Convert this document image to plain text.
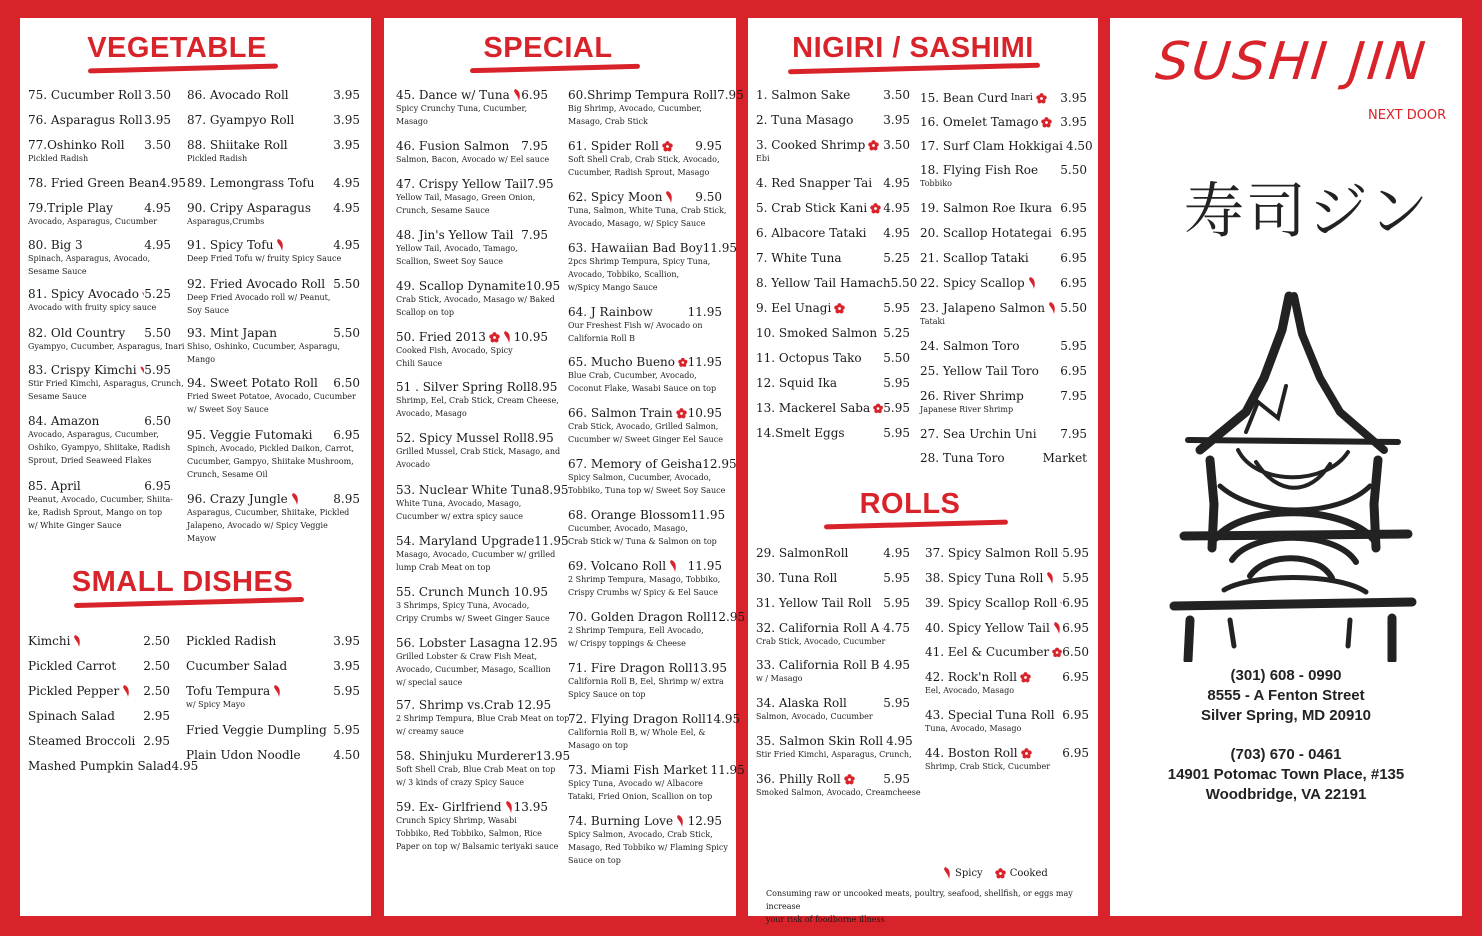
VEGETABLE
75. Cucumber Roll 3.50
76. Asparagus Roll 3.95
77.Oshinko Roll 3.50
Pickled Radish
78. Fried Green Bean 4.95
79.Triple Play	4.95
Avocado, Asparagus, Cucumber
80. Big 3	4.95
Spinach, Asparagus, Avocado,
Sesame Sauce
81. Spicy Avocado 5.25
Avocado with fruity spicy sauce
82. Old Country 5.50
Gyampyo, Cucumber, Asparagus, Inari
83. Crispy Kimchi 5.95
Stir Fried Kimchi, Asparagus, Crunch,
Sesame Sauce
84. Amazon	6.50
Avocado, Asparagus, Cucumber,
Oshiko, Gyampyo, Shiitake, Radish
Sprout, Dried Seaweed Flakes
85. April	6.95
Peanut, Avocado, Cucumber, Shiita-
ke, Radish Sprout, Mango on top
w/ White Ginger Sauce
86. Avocado Roll	3.95
87. Gyampyo Roll	3.95
88. Shiitake Roll	3.95
Pickled Radish
89. Lemongrass Tofu 4.95
90. Cripy Asparagus 4.95
Asparagus,Crumbs
91. Spicy Tofu	4.95
Deep Fried Tofu w/ fruity Spicy Sauce
92. Fried Avocado Roll 5.50
Deep Fried Avocado roll w/ Peanut,
Soy Sauce
93. Mint Japan	5.50
Shiso, Oshinko, Cucumber, Asparagu,
Mango
94. Sweet Potato Roll 6.50
Fried Sweet Potatoe, Avocado, Cucumber
w/ Sweet Soy Sauce
95. Veggie Futomaki 6.95
Spinch, Avocado, Pickled Daikon, Carrot,
Cucumber, Gampyo, Shiitake Mushroom,
Crunch, Sesame Oil
96. Crazy Jungle	8.95
Asparagus, Cucumber, Shiitake, Pickled
Jalapeno, Avocado w/ Spicy Veggie
Mayow
SMALL DISHES
Kimchi	2.50
Pickled Carrot 2.50
Pickled Pepper 2.50
Spinach Salad 2.95
Steamed Broccoli 2.95
Mashed Pumpkin Salad 4.95
Pickled Radish	3.95
Cucumber Salad	3.95
Tofu Tempura	5.95
w/ Spicy Mayo
Fried Veggie Dumpling 5.95
Plain Udon Noodle	4.50
SPECIAL
45. Dance w/ Tuna 6.95
Spicy Crunchy Tuna, Cucumber,
Masago
46. Fusion Salmon 7.95
Salmon, Bacon, Avocado w/ Eel sauce
47. Crispy Yellow Tail 7.95
Yellow Tail, Masago, Green Onion,
Crunch, Sesame Sauce
48. Jin's Yellow Tail 7.95
Yellow Tail, Avocado, Tamago,
Scallion, Sweet Soy Sauce
49. Scallop Dynamite 10.95
Crab Stick, Avocado, Masago w/ Baked
Scallop on top
50. Fried 2013 10.95
Cooked Fish, Avocado, Spicy
Chili Sauce
51 . Silver Spring Roll 8.95
Shrimp, Eel, Crab Stick, Cream Cheese,
Avocado, Masago
52. Spicy Mussel Roll 8.95
Grilled Mussel, Crab Stick, Masago, and
Avocado
53. Nuclear White Tuna 8.95
White Tuna, Avocado, Masago,
Cucumber w/ extra spicy sauce
54. Maryland Upgrade 11.95
Masago, Avocado, Cucumber w/ grilled
lump Crab Meat on top
55. Crunch Munch 10.95
3 Shrimps, Spicy Tuna, Avocado,
Cripy Crumbs w/ Sweet Ginger Sauce
56. Lobster Lasagna 12.95
Grilled Lobster & Craw Fish Meat,
Avocado, Cucumber, Masago, Scallion
w/ special sauce
57. Shrimp vs.Crab 12.95
2 Shrimp Tempura, Blue Crab Meat on top
w/ creamy sauce
58. Shinjuku Murderer 13.95
Soft Shell Crab, Blue Crab Meat on top
w/ 3 kinds of crazy Spicy Sauce
59. Ex- Girlfriend 13.95
Crunch Spicy Shrimp, Wasabi
Tobbiko, Red Tobbiko, Salmon, Rice
Paper on top w/ Balsamic teriyaki sauce
60.Shrimp Tempura Roll 7.95
Big Shrimp, Avocado, Cucumber,
Masago, Crab Stick
61. Spider Roll	9.95
Soft Shell Crab, Crab Stick, Avocado,
Cucumber, Radish Sprout, Masago
62. Spicy Moon	9.50
Tuna, Salmon, White Tuna, Crab Stick,
Avocado, Masago, w/ Spicy Sauce
63. Hawaiian Bad Boy 11.95
2pcs Shrimp Tempura, Spicy Tuna,
Avocado, Tobbiko, Scallion,
w/Spicy Mango Sauce
64. J Rainbow	11.95
Our Freshest Fish w/ Avocado on
California Roll B
65. Mucho Bueno 11.95
Blue Crab, Cucumber, Avocado,
Coconut Flake, Wasabi Sauce on top
66. Salmon Train 10.95
Crab Stick, Avocado, Grilled Salmon,
Cucumber w/ Sweet Ginger Eel Sauce
67. Memory of Geisha 12.95
Spicy Salmon, Cucumber, Avocado,
Tobbiko, Tuna top w/ Sweet Soy Sauce
68. Orange Blossom 11.95
Cucumber, Avocado, Masago,
Crab Stick w/ Tuna & Salmon on top
69. Volcano Roll 11.95
2 Shrimp Tempura, Masago, Tobbiko,
Crispy Crumbs w/ Spicy & Eel Sauce
70. Golden Dragon Roll 12.95
2 Shrimp Tempura, Eell Avocado,
w/ Crispy toppings & Cheese
71. Fire Dragon Roll 13.95
California Roll B, Eel, Shrimp w/ extra
Spicy Sauce on top
72. Flying Dragon Roll 14.95
California Roll B, w/ Whole Eel, &
Masago on top
73. Miami Fish Market 11.95
Spicy Tuna, Avocado w/ Albacore
Tataki, Fried Onion, Scallion on top
74. Burning Love 12.95
Spicy Salmon, Avocado, Crab Stick,
Masago, Red Tobbiko w/ Flaming Spicy
Sauce on top
NIGIRI / SASHIMI
1. Salmon Sake	3.50
2. Tuna Masago 3.95
3. Cooked Shrimp 3.50
Ebi
4. Red Snapper Tai 4.95
5. Crab Stick Kani 4.95
6. Albacore Tataki 4.95
7. White Tuna	5.25
8. Yellow Tail Hamach 5.50
9. Eel Unagi	5.95
10. Smoked Salmon 5.25
11. Octopus Tako 5.50
12. Squid Ika	5.95
13. Mackerel Saba 5.95
14.Smelt Eggs	5.95
15. Bean Curd Inari 3.95
16. Omelet Tamago 3.95
17. Surf Clam Hokkigai 4.50
18. Flying Fish Roe 5.50
Tobbiko
19. Salmon Roe Ikura 6.95
20. Scallop Hotategai 6.95
21. Scallop Tataki	6.95
22. Spicy Scallop	6.95
23. Jalapeno Salmon 5.50
Tataki
24. Salmon Toro	5.95
25. Yellow Tail Toro 6.95
26. River Shrimp	7.95
Japanese River Shrimp
27. Sea Urchin Uni 7.95
28. Tuna Toro	Market
ROLLS
29. SalmonRoll	4.95
30. Tuna Roll	5.95
31. Yellow Tail Roll 5.95
32. California Roll A 4.75
Crab Stick, Avocado, Cucumber
33. California Roll B 4.95
w / Masago
34. Alaska Roll	5.95
Salmon, Avocado, Cucumber
35. Salmon Skin Roll 4.95
Stir Fried Kimchi, Asparagus, Crunch,
36. Philly Roll	5.95
Smoked Salmon, Avocado, Creamcheese
37. Spicy Salmon Roll 5.95
38. Spicy Tuna Roll 5.95
39. Spicy Scallop Roll 6.95
40. Spicy Yellow Tail 6.95
41. Eel & Cucumber 6.50
42. Rock'n Roll	6.95
Eel, Avocado, Masago
43. Special Tuna Roll 6.95
Tuna, Avocado, Masago
44. Boston Roll	6.95
Shrimp, Crab Stick, Cucumber
Spicy	Cooked
Consuming raw or uncooked meats, poultry, seafood, shellfish, or eggs may increase
your risk of foodborne illness
SUSHI JIN
NEXT DOOR
寿司ジン
(301) 608 - 0990
8555 - A Fenton Street
Silver Spring, MD 20910
(703) 670 - 0461
14901 Potomac Town Place, #135
Woodbridge, VA 22191
